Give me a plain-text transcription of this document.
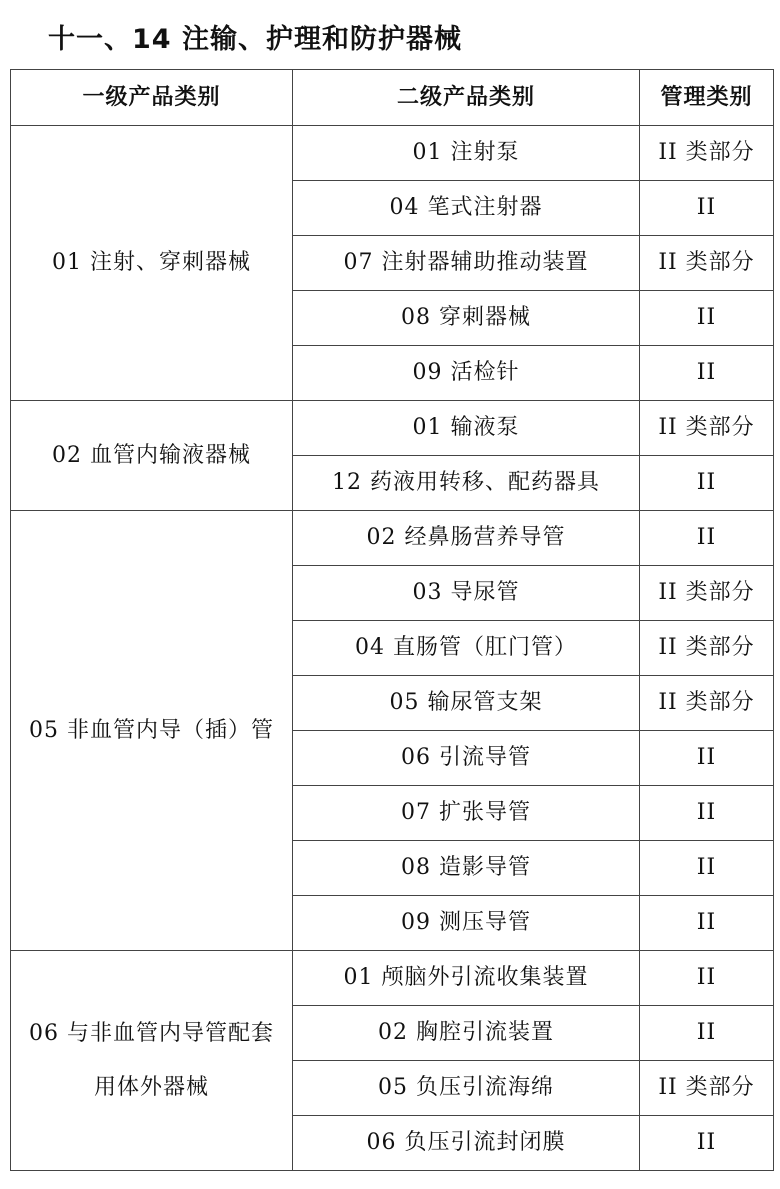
十一、14 注输、护理和防护器械
一级产品类别	二级产品类别	管理类别

01 注射、穿刺器械	01 注射泵	II 类部分
	04 笔式注射器	II
	07 注射器辅助推动装置	II 类部分
	08 穿刺器械	II
	09 活检针	II

02 血管内输液器械	01 输液泵	II 类部分
	12 药液用转移、配药器具	II

05 非血管内导（插）管	02 经鼻肠营养导管	II
	03 导尿管	II 类部分
	04 直肠管（肛门管）	II 类部分
	05 输尿管支架	II 类部分
	06 引流导管	II
	07 扩张导管	II
	08 造影导管	II
	09 测压导管	II

06 与非血管内导管配套
用体外器械	01 颅脑外引流收集装置	II
	02 胸腔引流装置	II
	05 负压引流海绵	II 类部分
	06 负压引流封闭膜	II
